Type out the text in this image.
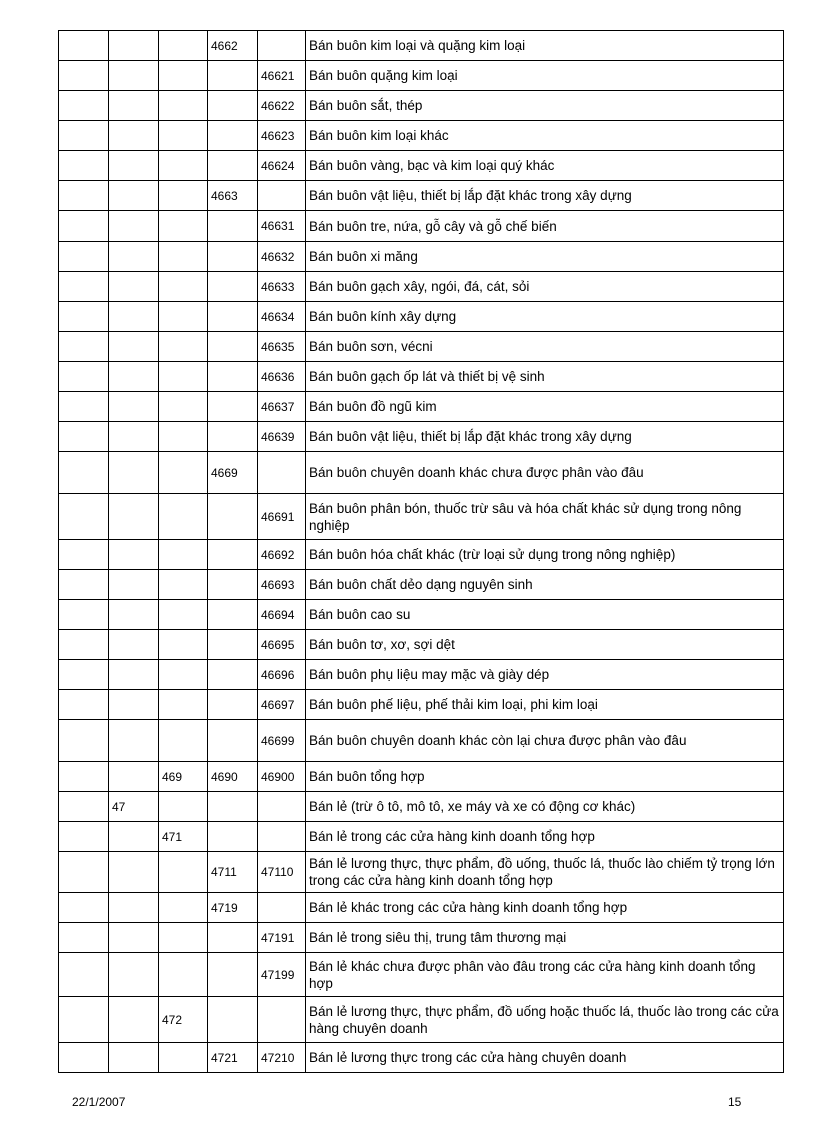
			4662		Bán buôn kim loại và quặng kim loại
				46621	Bán buôn quặng kim loại
				46622	Bán buôn sắt, thép
				46623	Bán buôn kim loại khác
				46624	Bán buôn vàng, bạc và kim loại quý khác
			4663		Bán buôn vật liệu, thiết bị lắp đặt khác trong xây dựng
				46631	Bán buôn tre, nứa, gỗ cây và gỗ chế biến
				46632	Bán buôn xi măng
				46633	Bán buôn gạch xây, ngói, đá, cát, sỏi
				46634	Bán buôn kính xây dựng
				46635	Bán buôn sơn, vécni
				46636	Bán buôn gạch ốp lát và thiết bị vệ sinh
				46637	Bán buôn đồ ngũ kim
				46639	Bán buôn vật liệu, thiết bị lắp đặt khác trong xây dựng
			4669		Bán buôn chuyên doanh khác chưa được phân vào đâu
				46691	Bán buôn phân bón, thuốc trừ sâu và hóa chất khác sử dụng trong nông nghiệp
				46692	Bán buôn hóa chất khác (trừ loại sử dụng trong nông nghiệp)
				46693	Bán buôn chất dẻo dạng nguyên sinh
				46694	Bán buôn cao su
				46695	Bán buôn tơ, xơ, sợi dệt
				46696	Bán buôn phụ liệu may mặc và giày dép
				46697	Bán buôn phế liệu, phế thải kim loại, phi kim loại
				46699	Bán buôn chuyên doanh khác còn lại chưa được phân vào đâu
		469	4690	46900	Bán buôn tổng hợp
	47				Bán lẻ (trừ ô tô, mô tô, xe máy và xe có động cơ khác)
		471			Bán lẻ trong các cửa hàng kinh doanh tổng hợp
			4711	47110	Bán lẻ lương thực, thực phẩm, đồ uống, thuốc lá, thuốc lào chiếm tỷ trọng lớn trong các cửa hàng kinh doanh tổng hợp
			4719		Bán lẻ khác trong các cửa hàng kinh doanh tổng hợp
				47191	Bán lẻ trong siêu thị, trung tâm thương mại
				47199	Bán lẻ khác chưa được phân vào đâu trong các cửa hàng kinh doanh tổng hợp
		472			Bán lẻ lương thực, thực phẩm, đồ uống hoặc thuốc lá, thuốc lào trong các cửa hàng chuyên doanh
			4721	47210	Bán lẻ lương thực trong các cửa hàng chuyên doanh
22/1/2007	15
